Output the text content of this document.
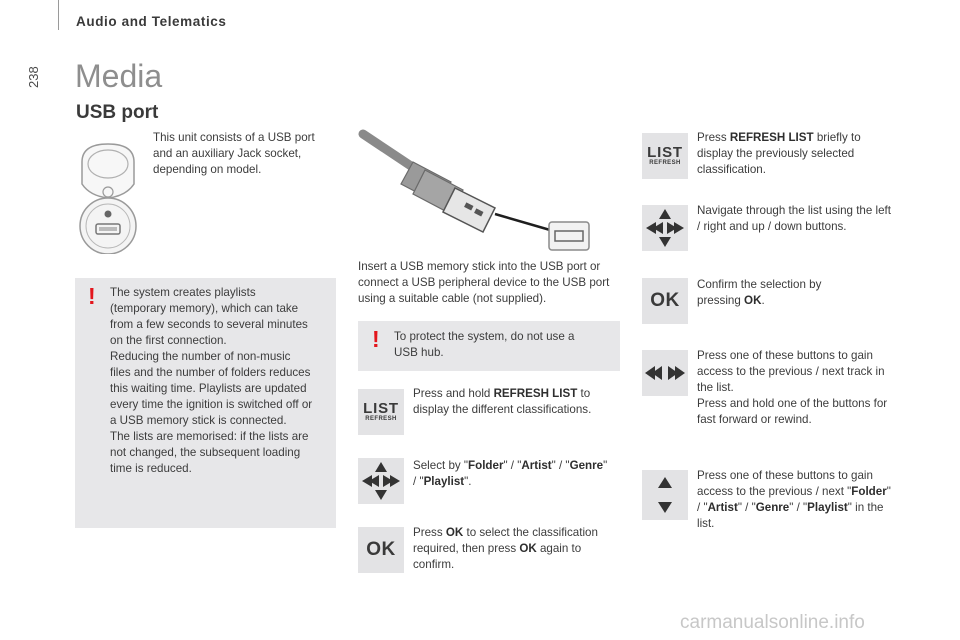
238
Audio and Telematics
Media
USB port
This unit consists of a USB port and an auxiliary Jack socket, depending on model.
! The system creates playlists
(temporary memory), which can take
from a few seconds to several minutes
on the first connection.
Reducing the number of non-music
files and the number of folders reduces
this waiting time. Playlists are updated
every time the ignition is switched off or
a USB memory stick is connected.
The lists are memorised: if the lists are
not changed, the subsequent loading
time is reduced.
Insert a USB memory stick into the USB port or connect a USB peripheral device to the USB port using a suitable cable (not supplied).
! To protect the system, do not use a
USB hub.
LIST
REFRESH
Press and hold REFRESH LIST to display the different classifications.
Select by "Folder" / "Artist" / "Genre" / "Playlist".
OK
Press OK to select the classification required, then press OK again to confirm.
LIST
REFRESH
Press REFRESH LIST briefly to display the previously selected classification.
Navigate through the list using the left / right and up / down buttons.
OK
Confirm the selection by pressing OK.
Press one of these buttons to gain
access to the previous / next track in
the list.
Press and hold one of the buttons for
fast forward or rewind.
Press one of these buttons to gain access to the previous / next "Folder" / "Artist" / "Genre" / "Playlist" in the list.
carmanualsonline.info
